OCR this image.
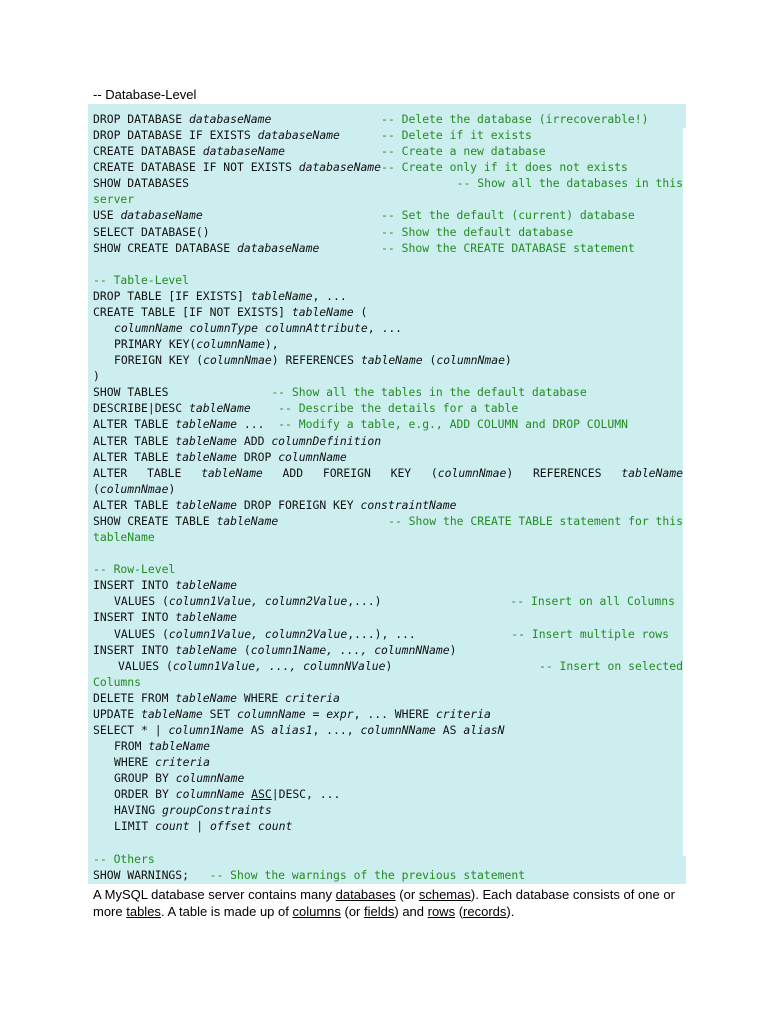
-- Database-Level
DROP DATABASE databaseName	-- Delete the database (irrecoverable!)
DROP DATABASE IF EXISTS databaseName	-- Delete if it exists
CREATE DATABASE databaseName	-- Create a new database
CREATE DATABASE IF NOT EXISTS databaseName-- Create only if it does not exists
SHOW DATABASES	-- Show all the databases in this
server
USE databaseName	-- Set the default (current) database
SELECT DATABASE()	-- Show the default database
SHOW CREATE DATABASE databaseName	-- Show the CREATE DATABASE statement
-- Table-Level
DROP TABLE [IF EXISTS] tableName, ...
CREATE TABLE [IF NOT EXISTS] tableName (
columnName columnType columnAttribute, ...
PRIMARY KEY(columnName),
FOREIGN KEY (columnNmae) REFERENCES tableName (columnNmae)
)
SHOW TABLES	-- Show all the tables in the default database
DESCRIBE|DESC tableName -- Describe the details for a table
ALTER TABLE tableName ... -- Modify a table, e.g., ADD COLUMN and DROP COLUMN
ALTER TABLE tableName ADD columnDefinition
ALTER TABLE tableName DROP columnName
ALTER TABLE tableName ADD FOREIGN KEY (columnNmae) REFERENCES tableName
(columnNmae)
ALTER TABLE tableName DROP FOREIGN KEY constraintName
SHOW CREATE TABLE tableName	-- Show the CREATE TABLE statement for this
tableName
-- Row-Level
INSERT INTO tableName
VALUES (column1Value, column2Value,...)	-- Insert on all Columns
INSERT INTO tableName
VALUES (column1Value, column2Value,...), ...	-- Insert multiple rows
INSERT INTO tableName (column1Name, ..., columnNName)
VALUES (column1Value, ..., columnNValue)	-- Insert on selected
Columns
DELETE FROM tableName WHERE criteria
UPDATE tableName SET columnName = expr, ... WHERE criteria
SELECT * | column1Name AS alias1, ..., columnNName AS aliasN
FROM tableName
WHERE criteria
GROUP BY columnName
ORDER BY columnName ASC|DESC, ...
HAVING groupConstraints
LIMIT count | offset count
-- Others
SHOW WARNINGS; -- Show the warnings of the previous statement
A MySQL database server contains many databases (or schemas). Each database consists of one or more tables. A table is made up of columns (or fields) and rows (records).
